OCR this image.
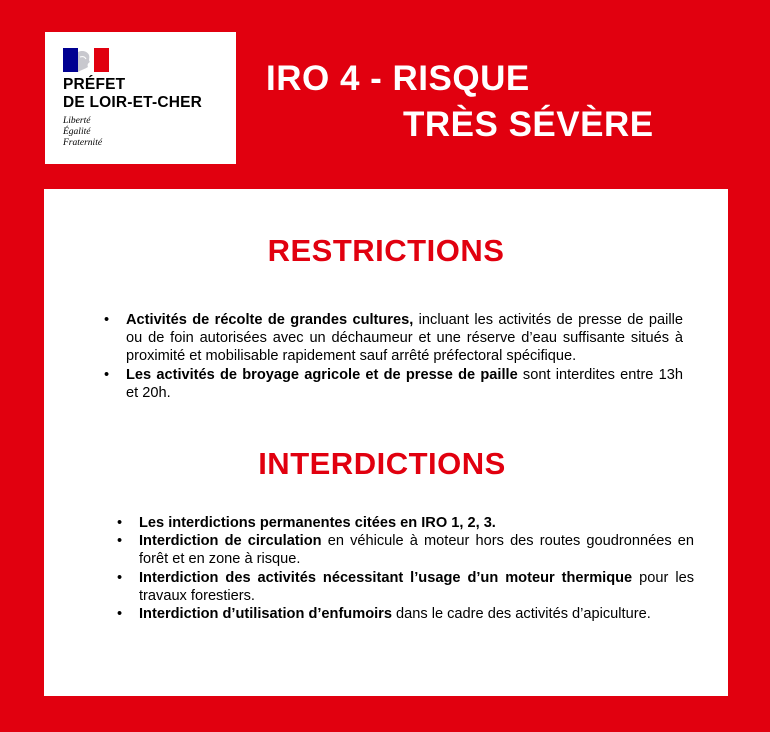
PRÉFET
DE LOIR-ET-CHER
Liberté
Égalité
Fraternité
IRO 4 - RISQUE
TRÈS SÉVÈRE
RESTRICTIONS
• Activités de récolte de grandes cultures, incluant les activités de presse de paille ou de foin autorisées avec un déchaumeur et une réserve d’eau suffisante situés à proximité et mobilisable rapidement sauf arrêté préfectoral spécifique.
• Les activités de broyage agricole et de presse de paille sont interdites entre 13h et 20h.
INTERDICTIONS
• Les interdictions permanentes citées en IRO 1, 2, 3.
• Interdiction de circulation en véhicule à moteur hors des routes goudronnées en forêt et en zone à risque.
• Interdiction des activités nécessitant l’usage d’un moteur thermique pour les travaux forestiers.
• Interdiction d’utilisation d’enfumoirs dans le cadre des activités d’apiculture.
